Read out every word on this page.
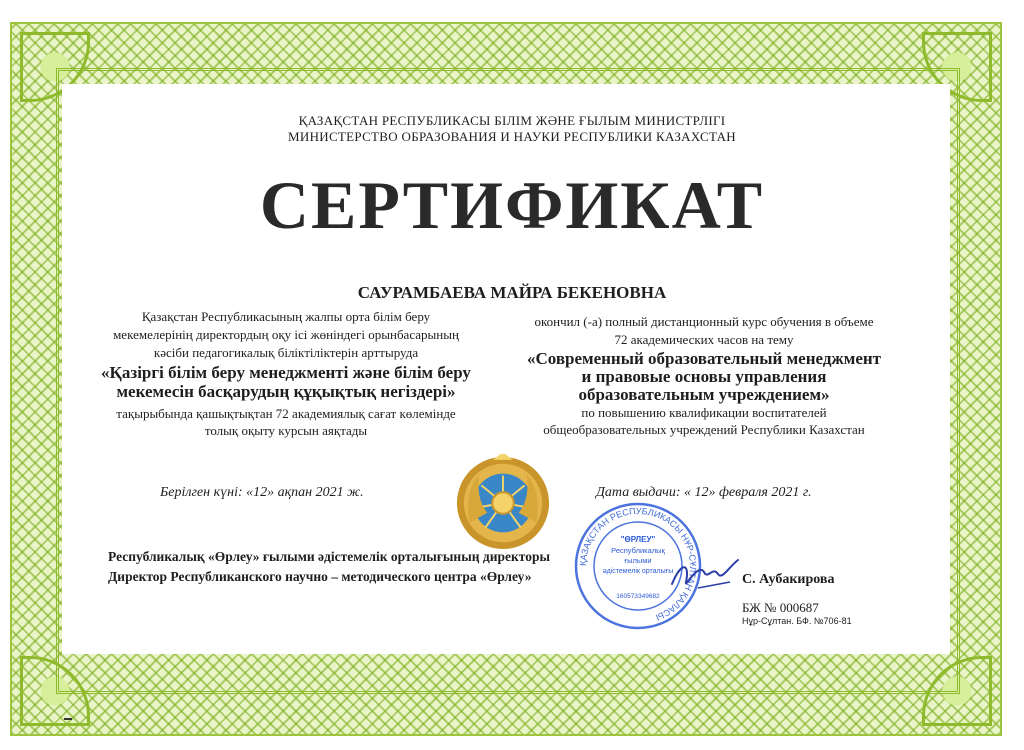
ҚАЗАҚСТАН РЕСПУБЛИКАСЫ БІЛІМ ЖӘНЕ ҒЫЛЫМ МИНИСТРЛІГІ
МИНИСТЕРСТВО ОБРАЗОВАНИЯ И НАУКИ РЕСПУБЛИКИ КАЗАХСТАН
СЕРТИФИКАТ
САУРАМБАЕВА МАЙРА БЕКЕНОВНА
Қазақстан Республикасының жалпы орта білім беру
мекемелерінің директордың оқу ісі жөніндегі орынбасарының
кәсіби педагогикалық біліктіліктерін арттыруда
«Қазіргі білім беру менеджменті және білім беру
мекемесін басқарудың құқықтық негіздері»
тақырыбында қашықтықтан 72 академиялық сағат көлемінде
толық оқыту курсын аяқтады
окончил (-а) полный дистанционный курс обучения в объеме
72 академических часов на тему
«Современный образовательный менеджмент
и правовые основы управления
образовательным учреждением»
по повышению квалификации воспитателей
общеобразовательных учреждений Республики Казахстан
Берілген күні: «12» ақпан 2021 ж.	Дата выдачи: « 12» февраля 2021 г.
Республикалық «Өрлеу» ғылыми әдістемелік орталығының директоры
Директор Республиканского научно – методического центра «Өрлеу»
ҚАЗАҚСТАН РЕСПУБЛИКАСЫ НҰР-СҰЛТАН ҚАЛАСЫ
"ӨРЛЕУ"
Республикалық
ғылыми
әдістемелік орталығы
160573349682
С. Аубакирова
БЖ № 000687
Нұр-Сұлтан. БФ. №706-81
